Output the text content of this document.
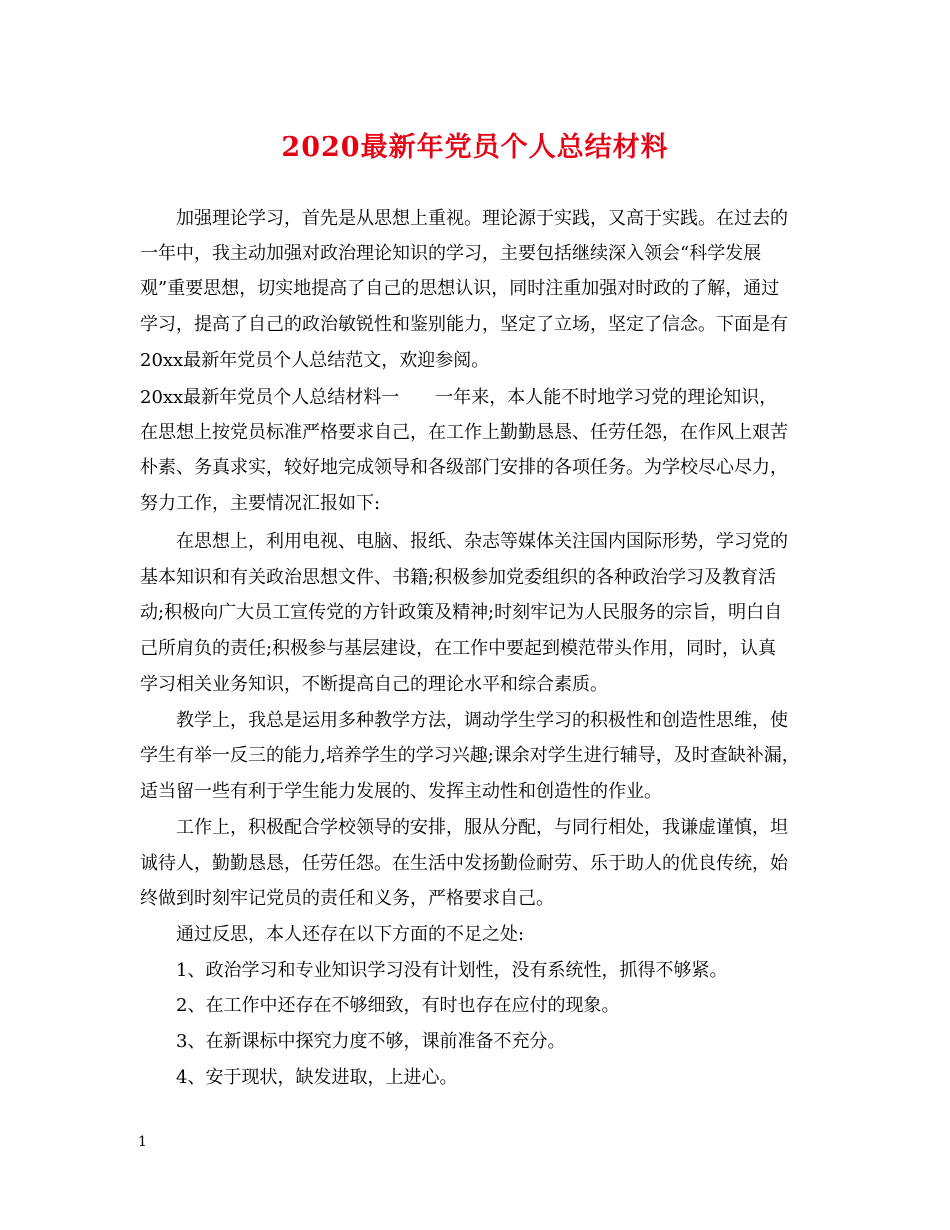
2020最新年党员个人总结材料
　　加强理论学习，首先是从思想上重视。理论源于实践，又高于实践。在过去的
一年中，我主动加强对政治理论知识的学习，主要包括继续深入领会“科学发展
观”重要思想，切实地提高了自己的思想认识，同时注重加强对时政的了解，通过
学习，提高了自己的政治敏锐性和鉴别能力，坚定了立场，坚定了信念。下面是有
20xx最新年党员个人总结范文，欢迎参阅。
20xx最新年党员个人总结材料一　　一年来，本人能不时地学习党的理论知识，
在思想上按党员标准严格要求自己，在工作上勤勤恳恳、任劳任怨，在作风上艰苦
朴素、务真求实，较好地完成领导和各级部门安排的各项任务。为学校尽心尽力，
努力工作，主要情况汇报如下:
　　在思想上，利用电视、电脑、报纸、杂志等媒体关注国内国际形势，学习党的
基本知识和有关政治思想文件、书籍;积极参加党委组织的各种政治学习及教育活
动;积极向广大员工宣传党的方针政策及精神;时刻牢记为人民服务的宗旨，明白自
己所肩负的责任;积极参与基层建设，在工作中要起到模范带头作用，同时，认真
学习相关业务知识，不断提高自己的理论水平和综合素质。
　　教学上，我总是运用多种教学方法，调动学生学习的积极性和创造性思维，使
学生有举一反三的能力,培养学生的学习兴趣;课余对学生进行辅导，及时查缺补漏，
适当留一些有利于学生能力发展的、发挥主动性和创造性的作业。
　　工作上，积极配合学校领导的安排，服从分配，与同行相处，我谦虚谨慎，坦
诚待人，勤勤恳恳，任劳任怨。在生活中发扬勤俭耐劳、乐于助人的优良传统，始
终做到时刻牢记党员的责任和义务，严格要求自己。
　　通过反思，本人还存在以下方面的不足之处:
　　1、政治学习和专业知识学习没有计划性，没有系统性，抓得不够紧。
　　2、在工作中还存在不够细致，有时也存在应付的现象。
　　3、在新课标中探究力度不够，课前准备不充分。
　　4、安于现状，缺发进取，上进心。
1
